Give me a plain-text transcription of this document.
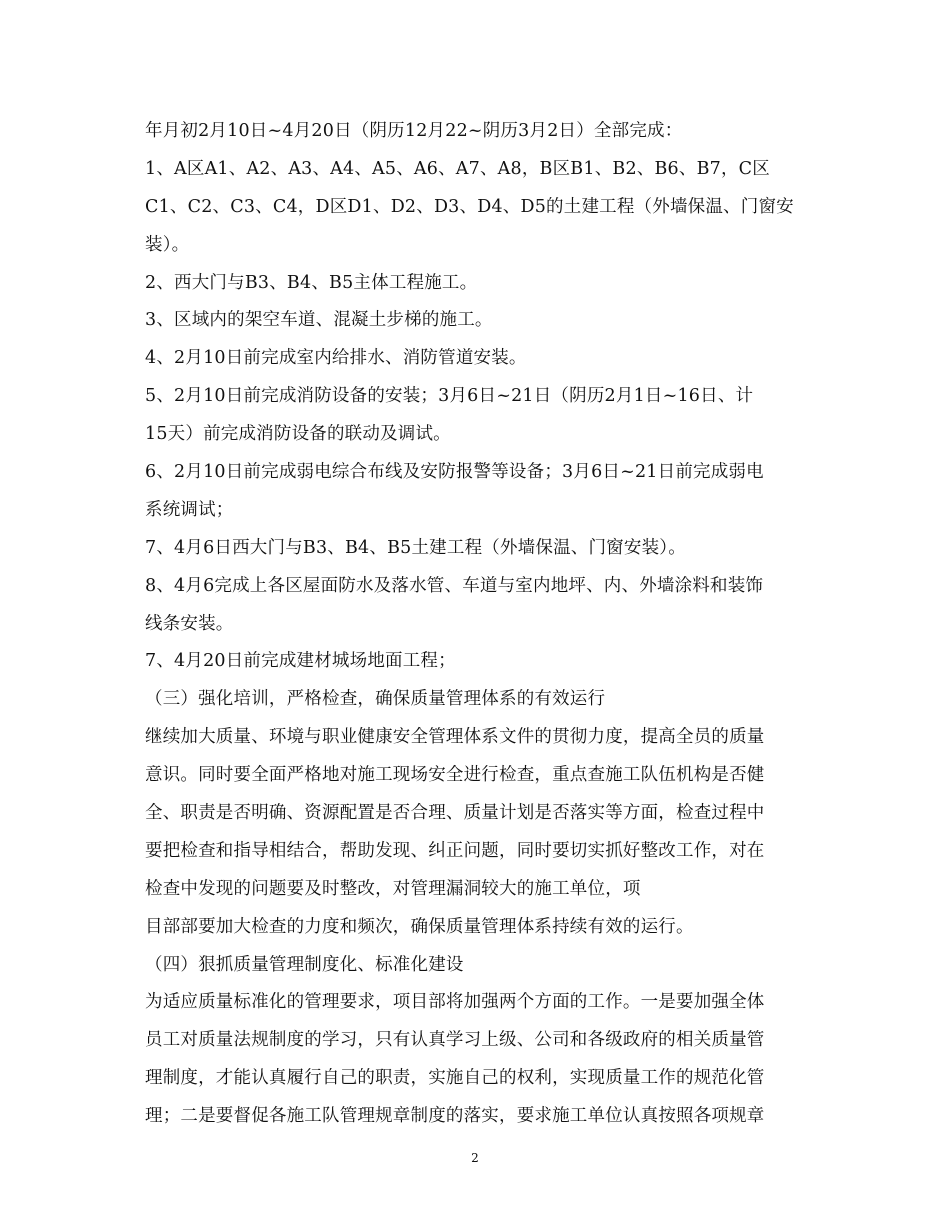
年月初2月10日~4月20日（阴历12月22~阴历3月2日）全部完成：
1、A区A1、A2、A3、A4、A5、A6、A7、A8，B区B1、B2、B6、B7，C区
C1、C2、C3、C4，D区D1、D2、D3、D4、D5的土建工程（外墙保温、门窗安
装）。
2、西大门与B3、B4、B5主体工程施工。
3、区域内的架空车道、混凝土步梯的施工。
4、2月10日前完成室内给排水、消防管道安装。
5、2月10日前完成消防设备的安装；3月6日~21日（阴历2月1日~16日、计
15天）前完成消防设备的联动及调试。
6、2月10日前完成弱电综合布线及安防报警等设备；3月6日~21日前完成弱电
系统调试；
7、4月6日西大门与B3、B4、B5土建工程（外墙保温、门窗安装）。
8、4月6完成上各区屋面防水及落水管、车道与室内地坪、内、外墙涂料和装饰
线条安装。
7、4月20日前完成建材城场地面工程；
（三）强化培训，严格检查，确保质量管理体系的有效运行
继续加大质量、环境与职业健康安全管理体系文件的贯彻力度，提高全员的质量
意识。同时要全面严格地对施工现场安全进行检查，重点查施工队伍机构是否健
全、职责是否明确、资源配置是否合理、质量计划是否落实等方面，检查过程中
要把检查和指导相结合，帮助发现、纠正问题，同时要切实抓好整改工作，对在
检查中发现的问题要及时整改，对管理漏洞较大的施工单位，项
目部部要加大检查的力度和频次，确保质量管理体系持续有效的运行。
（四）狠抓质量管理制度化、标准化建设
为适应质量标准化的管理要求，项目部将加强两个方面的工作。一是要加强全体
员工对质量法规制度的学习，只有认真学习上级、公司和各级政府的相关质量管
理制度，才能认真履行自己的职责，实施自己的权利，实现质量工作的规范化管
理；二是要督促各施工队管理规章制度的落实，要求施工单位认真按照各项规章
2
